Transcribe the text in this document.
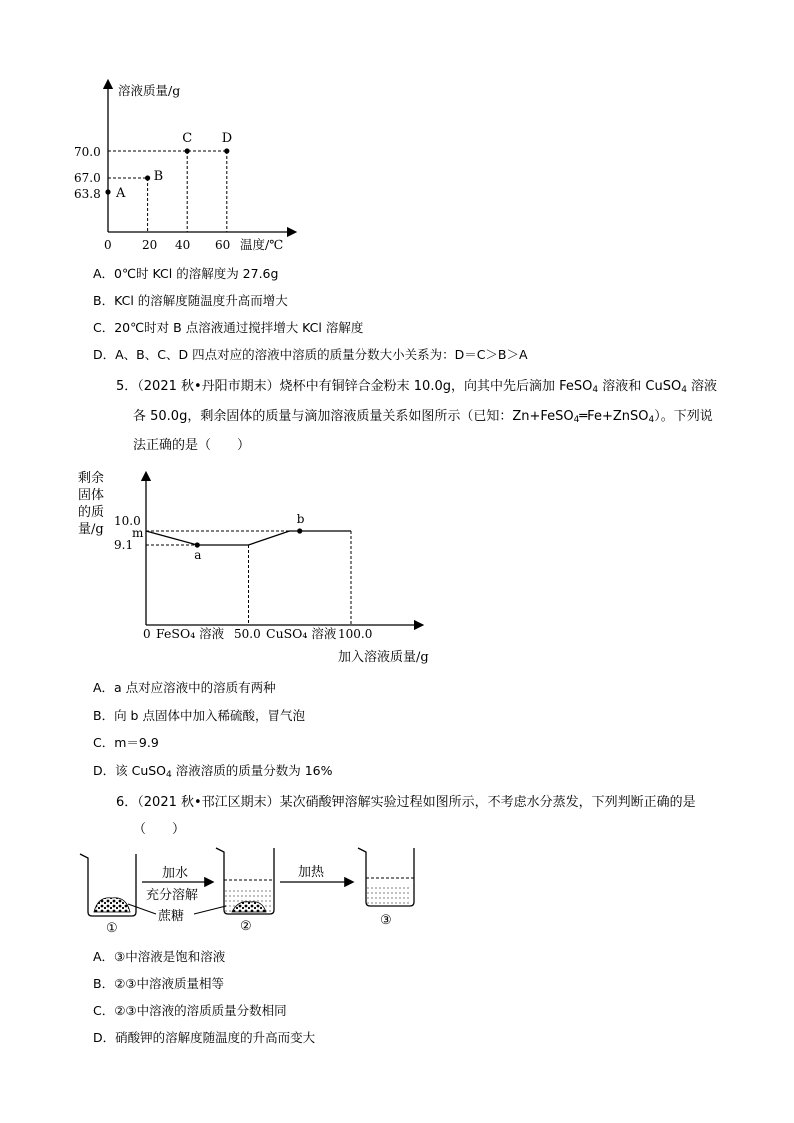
溶液质量/g
温度/℃
70.0
67.0
63.8
0	20 40 60
A
B
C D
A．0℃时 KCl 的溶解度为 27.6g
B．KCl 的溶解度随温度升高而增大
C．20℃时对 B 点溶液通过搅拌增大 KCl 溶解度
D．A、B、C、D 四点对应的溶液中溶质的质量分数大小关系为：D＝C＞B＞A
5．（2021 秋•丹阳市期末）烧杯中有铜锌合金粉末 10.0g，向其中先后滴加 FeSO$_4$ 溶液和 CuSO$_4$ 溶液
各 50.0g，剩余固体的质量与滴加溶液质量关系如图所示（已知：Zn+FeSO$_4$═Fe+ZnSO$_4$）。下列说
法正确的是（　　）
剩余
固体
的质
量/g
10.0
m
9.1
a
b
0 FeSO₄ 溶液 50.0 CuSO₄ 溶液 100.0
加入溶液质量/g
A．a 点对应溶液中的溶质有两种
B．向 b 点固体中加入稀硫酸，冒气泡
C．m＝9.9
D．该 CuSO$_4$ 溶液溶质的质量分数为 16%
6．（2021 秋•邗江区期末）某次硝酸钾溶解实验过程如图所示，不考虑水分蒸发，下列判断正确的是
（　　）
①
加水
充分溶解
蔗糖
②
加热
③
A．③中溶液是饱和溶液
B．②③中溶液质量相等
C．②③中溶液的溶质质量分数相同
D．硝酸钾的溶解度随温度的升高而变大
